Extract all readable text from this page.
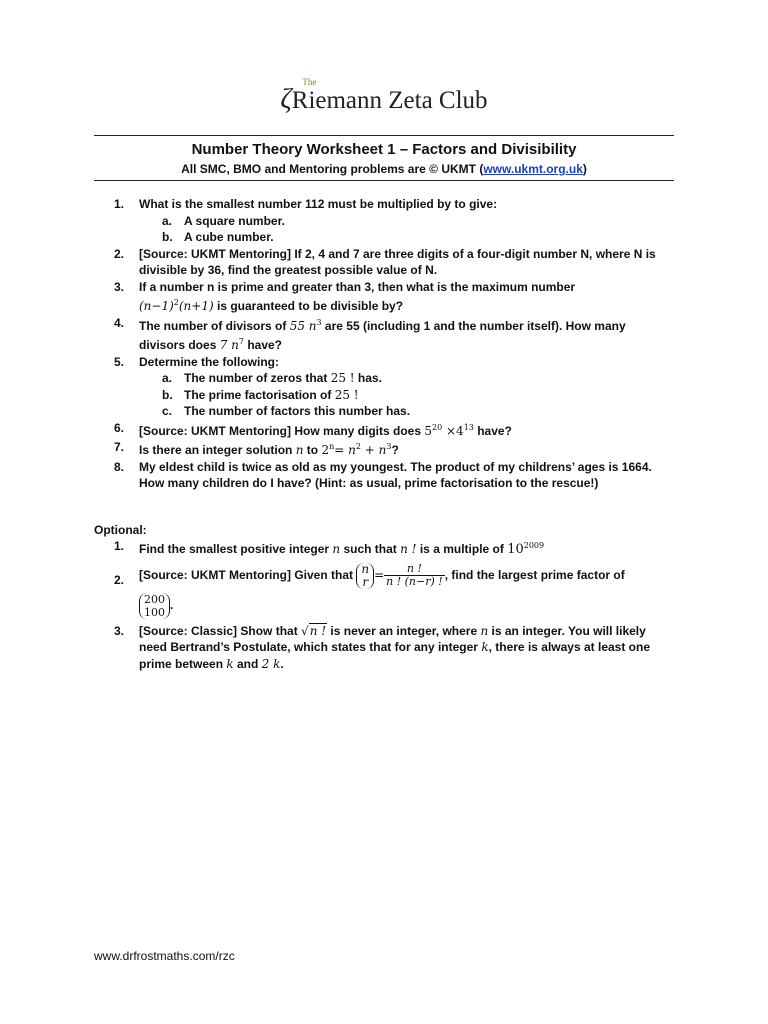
The
ζRiemann Zeta Club
Number Theory Worksheet 1 – Factors and Divisibility
All SMC, BMO and Mentoring problems are © UKMT (www.ukmt.org.uk)
1. What is the smallest number 112 must be multiplied by to give:
a. A square number.
b. A cube number.
2. [Source: UKMT Mentoring] If 2, 4 and 7 are three digits of a four-digit number N, where N is divisible by 36, find the greatest possible value of N.
3. If a number n is prime and greater than 3, then what is the maximum number
$(n-1)^2(n+1)$ is guaranteed to be divisible by?
4. The number of divisors of 55 $n^3$ are 55 (including 1 and the number itself). How many divisors does 7 $n^7$ have?
5. Determine the following:
a. The number of zeros that 25 ! has.
b. The prime factorisation of 25 !
c. The number of factors this number has.
6. [Source: UKMT Mentoring] How many digits does $5^{20} \times 4^{13}$ have?
7. Is there an integer solution n to $2^n= n^2 + n^3$?
8. My eldest child is twice as old as my youngest. The product of my childrens’ ages is 1664. How many children do I have? (Hint: as usual, prime factorisation to the rescue!)
Optional:
1. Find the smallest positive integer n such that n ! is a multiple of $10^{2009}$
2. [Source: UKMT Mentoring] Given that n
$r = \frac{n !}{n ! (n-r) !}$ , find the largest prime factor of
200
100
.
3. [Source: Classic] Show that √n ! is never an integer, where n is an integer. You will likely need Bertrand’s Postulate, which states that for any integer k, there is always at least one prime between k and 2 k.
www.drfrostmaths.com/rzc
